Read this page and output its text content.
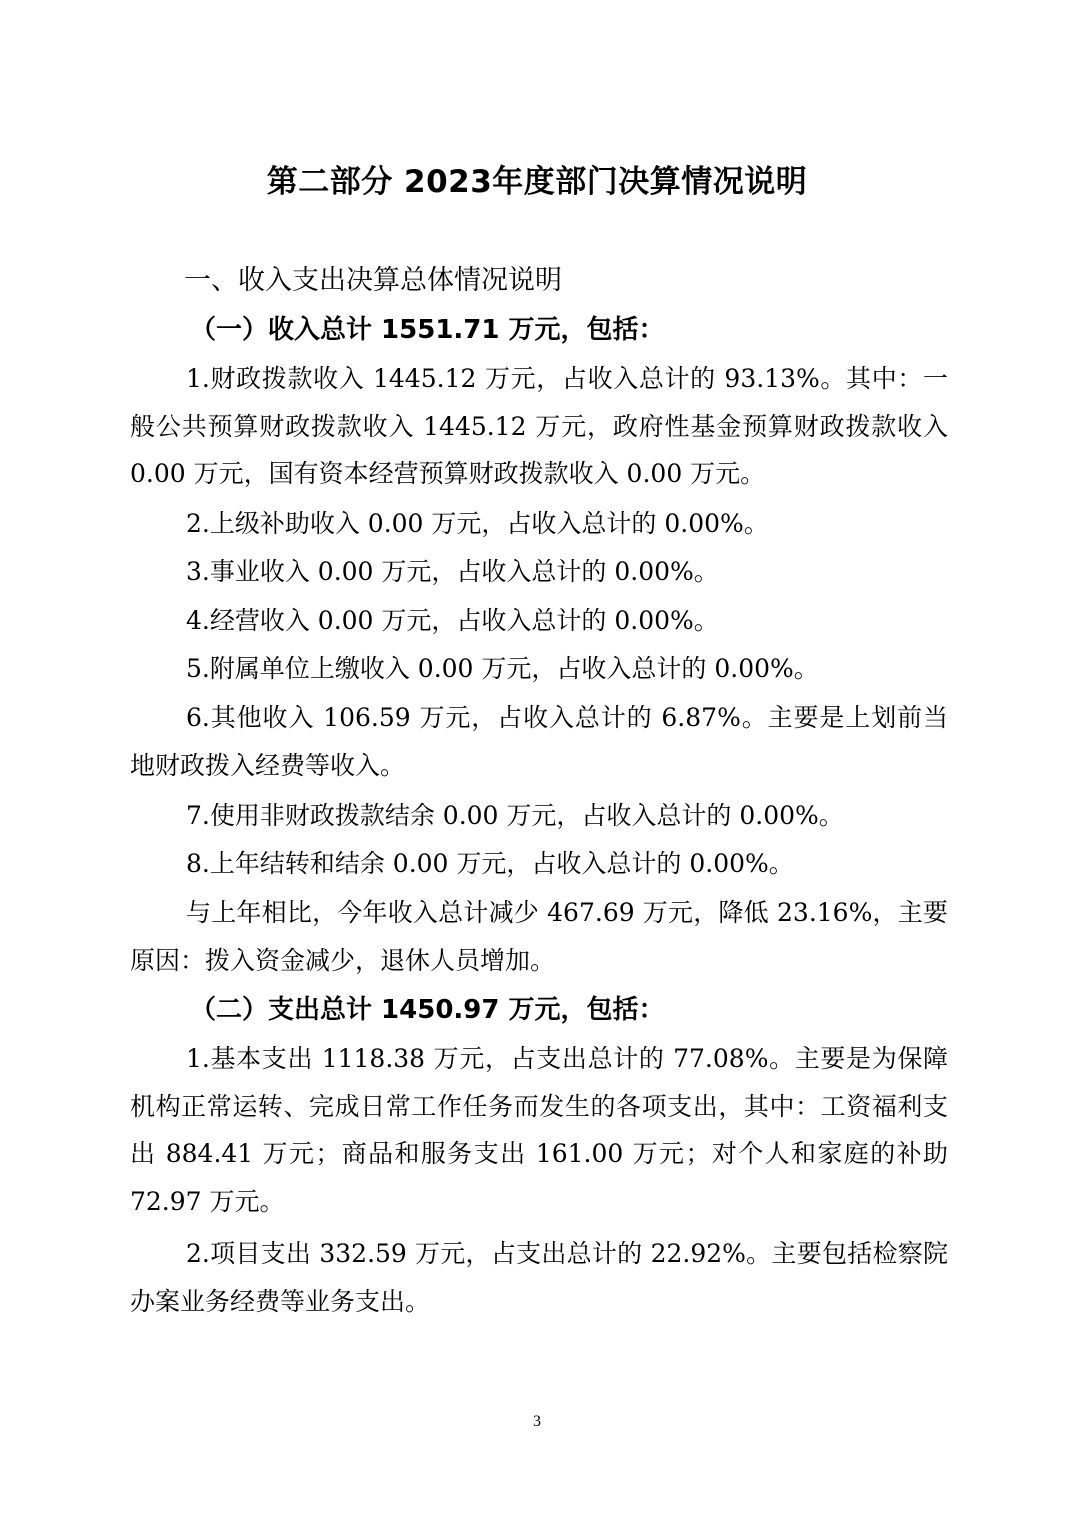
第二部分 2023年度部门决算情况说明
一、收入支出决算总体情况说明
（一）收入总计 1551.71 万元，包括：

1.财政拨款收入 1445.12 万元，占收入总计的 93.13%。其中：一般公共预算财政拨款收入 1445.12 万元，政府性基金预算财政拨款收入 0.00 万元，国有资本经营预算财政拨款收入 0.00 万元。

2.上级补助收入 0.00 万元，占收入总计的 0.00%。

3.事业收入 0.00 万元，占收入总计的 0.00%。

4.经营收入 0.00 万元，占收入总计的 0.00%。

5.附属单位上缴收入 0.00 万元，占收入总计的 0.00%。

6.其他收入 106.59 万元，占收入总计的 6.87%。主要是上划前当地财政拨入经费等收入。

7.使用非财政拨款结余 0.00 万元，占收入总计的 0.00%。

8.上年结转和结余 0.00 万元，占收入总计的 0.00%。

与上年相比，今年收入总计减少 467.69 万元，降低 23.16%，主要原因：拨入资金减少，退休人员增加。

（二）支出总计 1450.97 万元，包括：

1.基本支出 1118.38 万元，占支出总计的 77.08%。主要是为保障机构正常运转、完成日常工作任务而发生的各项支出，其中：工资福利支出 884.41 万元；商品和服务支出 161.00 万元；对个人和家庭的补助 72.97 万元。

2.项目支出 332.59 万元，占支出总计的 22.92%。主要包括检察院办案业务经费等业务支出。

3
